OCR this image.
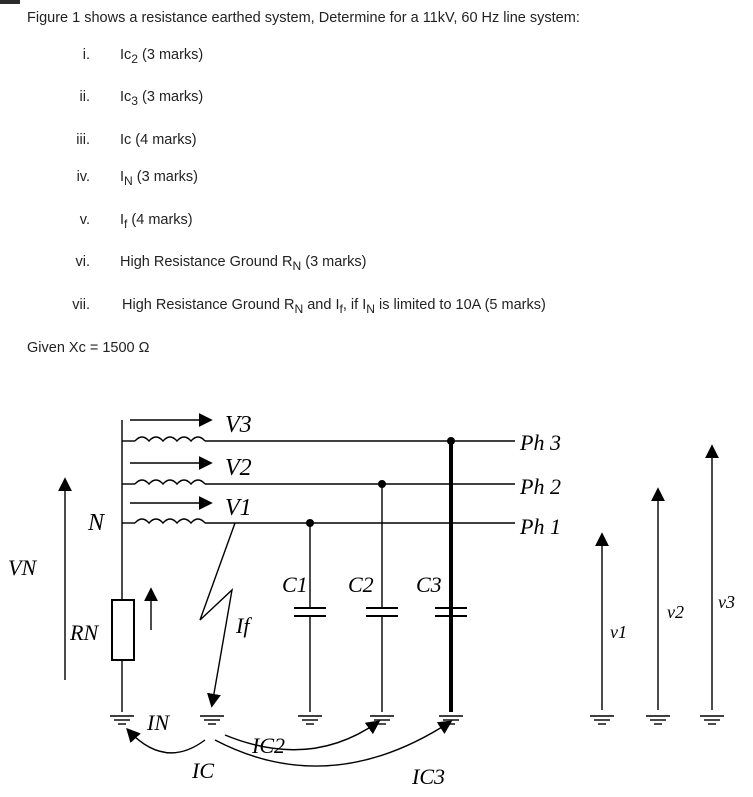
Figure 1 shows a resistance earthed system, Determine for a 11kV, 60 Hz line system:
i. $Ic_2$ (3 marks)
ii. $Ic_3$ (3 marks)
iii. Ic (4 marks)
iv. $I_N$ (3 marks)
v. $I_f$ (4 marks)
vi. High Resistance Ground $R_N$ (3 marks)
vii. High Resistance Ground $R_N$ and $I_f$, if $I_N$ is limited to 10A (5 marks)
Given Xc = 1500 Ω
V3
V2
V1
Ph 3
Ph 2
Ph 1
N
VN
RN	If
C1 C2 C3
IN
IC
IC2
IC3
v1
v2 v3
